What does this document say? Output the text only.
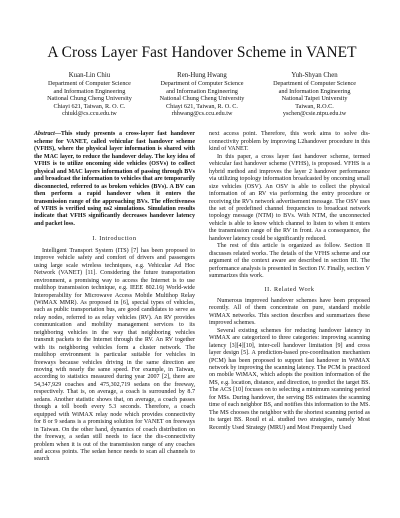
A Cross Layer Fast Handover Scheme in VANET
Kuan-Lin Chiu
Department of Computer Science
and Information Engineering
National Chung Cheng University
Chiayi 621, Taiwan, R. O. C.
chiukl@cs.ccu.edu.tw
Ren-Hung Hwang
Department of Computer Science
and Information Engineering
National Chung Cheng University
Chiayi 621, Taiwan, R. O. C.
rhhwang@cs.ccu.edu.tw
Yuh-Shyan Chen
Department of Computer Science
and Information Engineering
National Taipei University
Taiwan, R.O.C.
yschen@csie.ntpu.edu.tw
Abstract—This study presents a cross-layer fast handover scheme for VANET, called vehicular fast handover scheme (VFHS), where the physical layer information is shared with the MAC layer, to reduce the handover delay. The key idea of VFHS is to utilize oncoming side vehicles (OSVs) to collect physical and MAC layers information of passing through BVs and broadcast the information to vehicles that are temporarily disconnected, referred to as broken vehicles (BVs). A BV can then perform a rapid handover when it enters the transmission range of the approaching BVs. The effectiveness of VFHS is verified using ns2 simulations. Simulation results indicate that VFHS significantly decreases handover latency and packet loss.
I. Introduction

Intelligent Transport System (ITS) [7] has been proposed to improve vehicle safety and comfort of drivers and passengers using large scale wireless techniques, e.g. Vehicular Ad Hoc Network (VANET) [11]. Considering the future transportation environment, a promising way to access the Internet is to use multihop transmission technique, e.g. IEEE 802.16j World-wide Interoperability for Microwave Access Mobile Multihop Relay (WiMAX MMR). As proposed in [6], special types of vehicles, such as public transportation bus, are good candidates to serve as relay nodes, referred to as relay vehicles (RV). An RV provides communication and mobility management services to its neighboring vehicles in the way that neighboring vehicles transmit packets to the Internet through the RV. An RV together with its neighboring vehicles form a cluster network. The multihop environment is particular suitable for vehicles in freeways because vehicles driving in the same direction are moving with nearly the same speed. For example, in Taiwan, according to statistics measured during year 2007 [2], there are 54,347,929 coaches and 475,302,719 sedans on the freeway, respectively. That is, on average, a coach is surrounded by 8.7 sedans. Another statistic shows that, on average, a coach passes though a toll booth every 5.3 seconds. Therefore, a coach equipped with WiMAX relay node which provides connectivity for 8 or 9 sedans is a promising solution for VANET on freeways in Taiwan. On the other hand, dynamics of coach distribution on the freeway, a sedan still needs to face the dis-connectivity problem when it is out of the transmission range of any coaches and access points. The sedan hence needs to scan all channels to search

next access point. Therefore, this work aims to solve dis-connectivity problem by improving L2handover procedure in this kind of VANET.

In this paper, a cross layer fast handover scheme, termed vehicular fast handover scheme (VFHS), is proposed. VFHS is a hybrid method and improves the layer 2 handover performance via utilizing topology information broadcasted by oncoming small size vehicles (OSV). An OSV is able to collect the physical information of an RV via performing the entry procedure or receiving the RV's network advertisement message. The OSV uses the set of predefined channel frequencies to broadcast network topology message (NTM) to BVs. With NTM, the unconnected vehicle is able to know which channel to listen to when it enters the transmission range of the RV in front. As a consequence, the handover latency could be significantly reduced.

The rest of this article is organized as follow. Section II discusses related works. The details of the VFHS scheme and our argument of the context aware are described in section III. The performance analysis is presented in Section IV. Finally, section V summarizes this work.

II. Related Work

Numerous improved handover schemes have been proposed recently. All of them concentrate on pure, standard mobile WiMAX networks. This section describes and summarizes these improved schemes.

Several existing schemes for reducing handover latency in WiMAX are categorized to three categories: improving scanning latency [3][4][10], inter-cell handover limitation [9] and cross layer design [5]. A prediction-based pre-coordination mechanism (PCM) has been proposed to support fast handover in WiMAX network by improving the scanning latency. The PCM is practiced on mobile WiMAX, which adopts the position information of the MS, e.g. location, distance, and direction, to predict the target BS. The ACS [10] focuses on to selecting a minimum scanning period for MSs. During handover, the serving BS estimates the scanning time of each neighbor BS, and notifies this information to the MS. The MS chooses the neighbor with the shortest scanning period as its target BS. Rouil et al. studied two strategies, namely Most Recently Used Strategy (MRU) and Most Frequently Used
